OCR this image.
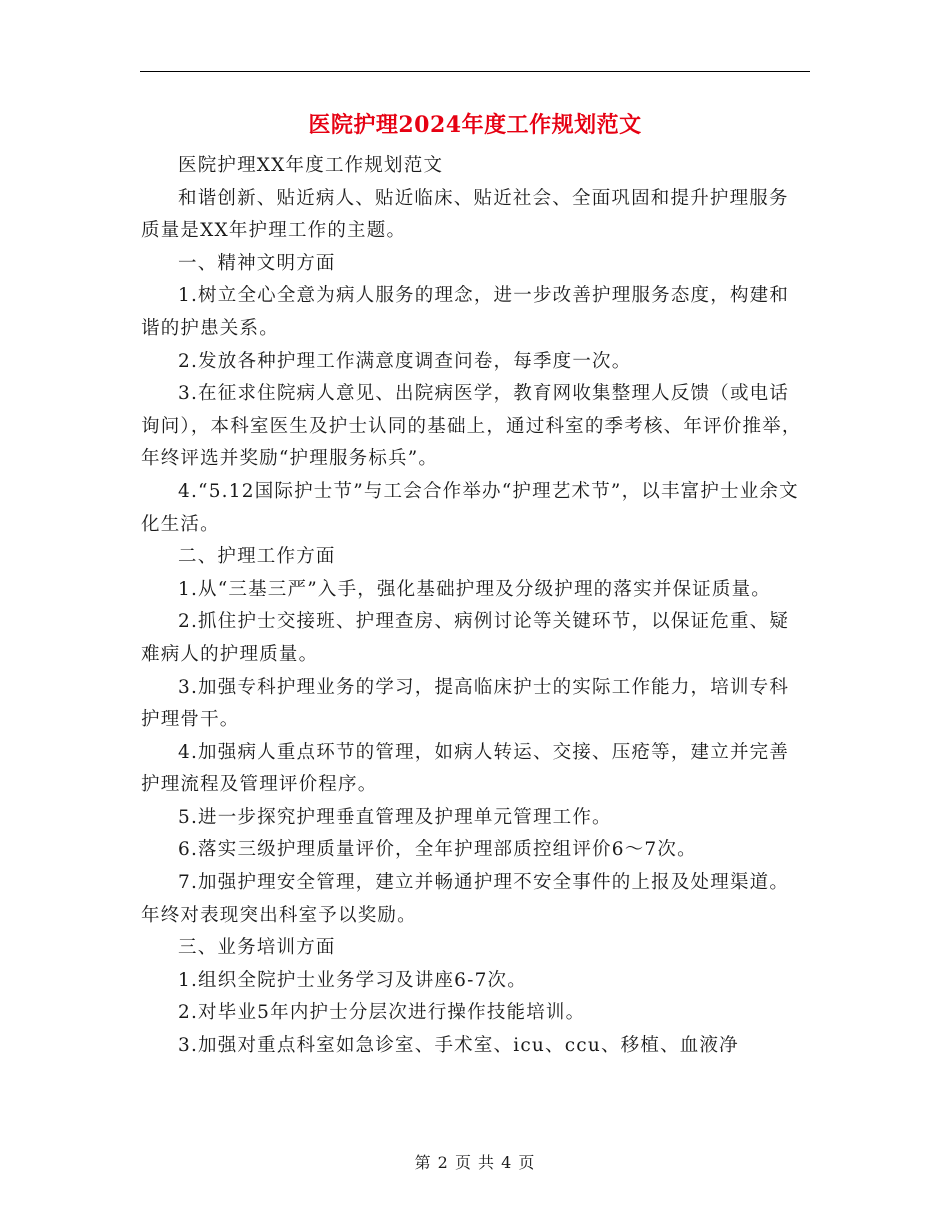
医院护理2024年度工作规划范文

医院护理XX年度工作规划范文

和谐创新、贴近病人、贴近临床、贴近社会、全面巩固和提升护理服务质量是XX年护理工作的主题。

一、精神文明方面

1.树立全心全意为病人服务的理念，进一步改善护理服务态度，构建和谐的护患关系。

2.发放各种护理工作满意度调查问卷，每季度一次。

3.在征求住院病人意见、出院病医学，教育网收集整理人反馈（或电话询问），本科室医生及护士认同的基础上，通过科室的季考核、年评价推举，年终评选并奖励“护理服务标兵”。

4.“5.12国际护士节”与工会合作举办“护理艺术节”，以丰富护士业余文化生活。

二、护理工作方面

1.从“三基三严”入手，强化基础护理及分级护理的落实并保证质量。

2.抓住护士交接班、护理查房、病例讨论等关键环节，以保证危重、疑难病人的护理质量。

3.加强专科护理业务的学习，提高临床护士的实际工作能力，培训专科护理骨干。

4.加强病人重点环节的管理，如病人转运、交接、压疮等，建立并完善护理流程及管理评价程序。

5.进一步探究护理垂直管理及护理单元管理工作。

6.落实三级护理质量评价，全年护理部质控组评价6～7次。

7.加强护理安全管理，建立并畅通护理不安全事件的上报及处理渠道。年终对表现突出科室予以奖励。

三、业务培训方面

1.组织全院护士业务学习及讲座6-7次。

2.对毕业5年内护士分层次进行操作技能培训。

3.加强对重点科室如急诊室、手术室、icu、ccu、移植、血液净

第 2 页 共 4 页
